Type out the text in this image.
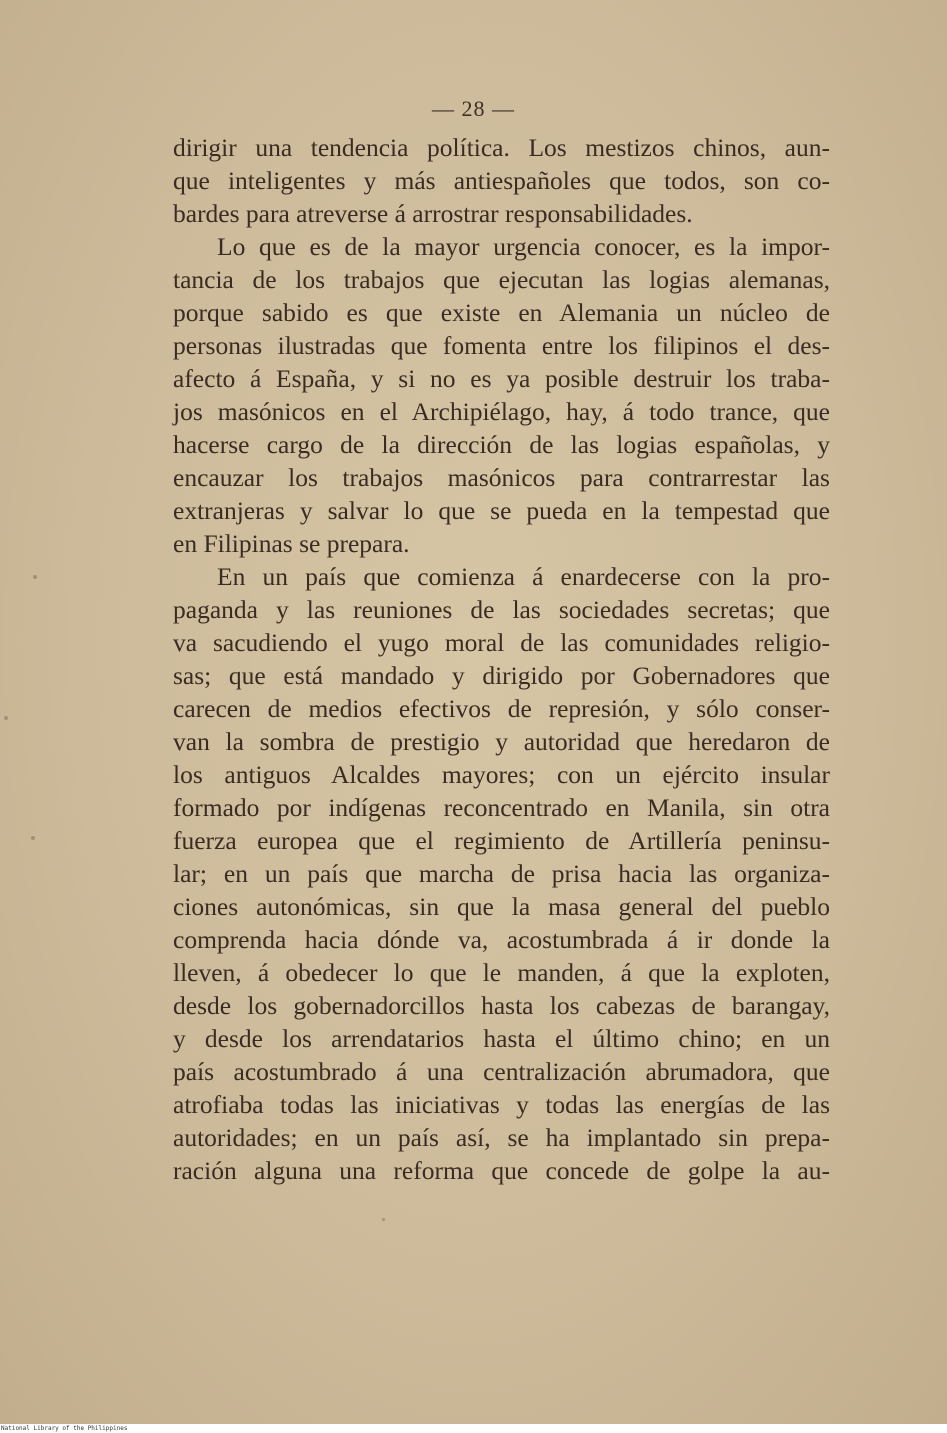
— 28 —
dirigir una tendencia política. Los mestizos chinos, aun-
que inteligentes y más antiespañoles que todos, son co-
bardes para atreverse á arrostrar responsabilidades.
Lo que es de la mayor urgencia conocer, es la impor-
tancia de los trabajos que ejecutan las logias alemanas,
porque sabido es que existe en Alemania un núcleo de
personas ilustradas que fomenta entre los filipinos el des-
afecto á España, y si no es ya posible destruir los traba-
jos masónicos en el Archipiélago, hay, á todo trance, que
hacerse cargo de la dirección de las logias españolas, y
encauzar los trabajos masónicos para contrarrestar las
extranjeras y salvar lo que se pueda en la tempestad que
en Filipinas se prepara.
En un país que comienza á enardecerse con la pro-
paganda y las reuniones de las sociedades secretas; que
va sacudiendo el yugo moral de las comunidades religio-
sas; que está mandado y dirigido por Gobernadores que
carecen de medios efectivos de represión, y sólo conser-
van la sombra de prestigio y autoridad que heredaron de
los antiguos Alcaldes mayores; con un ejército insular
formado por indígenas reconcentrado en Manila, sin otra
fuerza europea que el regimiento de Artillería peninsu-
lar; en un país que marcha de prisa hacia las organiza-
ciones autonómicas, sin que la masa general del pueblo
comprenda hacia dónde va, acostumbrada á ir donde la
lleven, á obedecer lo que le manden, á que la exploten,
desde los gobernadorcillos hasta los cabezas de barangay,
y desde los arrendatarios hasta el último chino; en un
país acostumbrado á una centralización abrumadora, que
atrofiaba todas las iniciativas y todas las energías de las
autoridades; en un país así, se ha implantado sin prepa-
ración alguna una reforma que concede de golpe la au-
National Library of the Philippines
